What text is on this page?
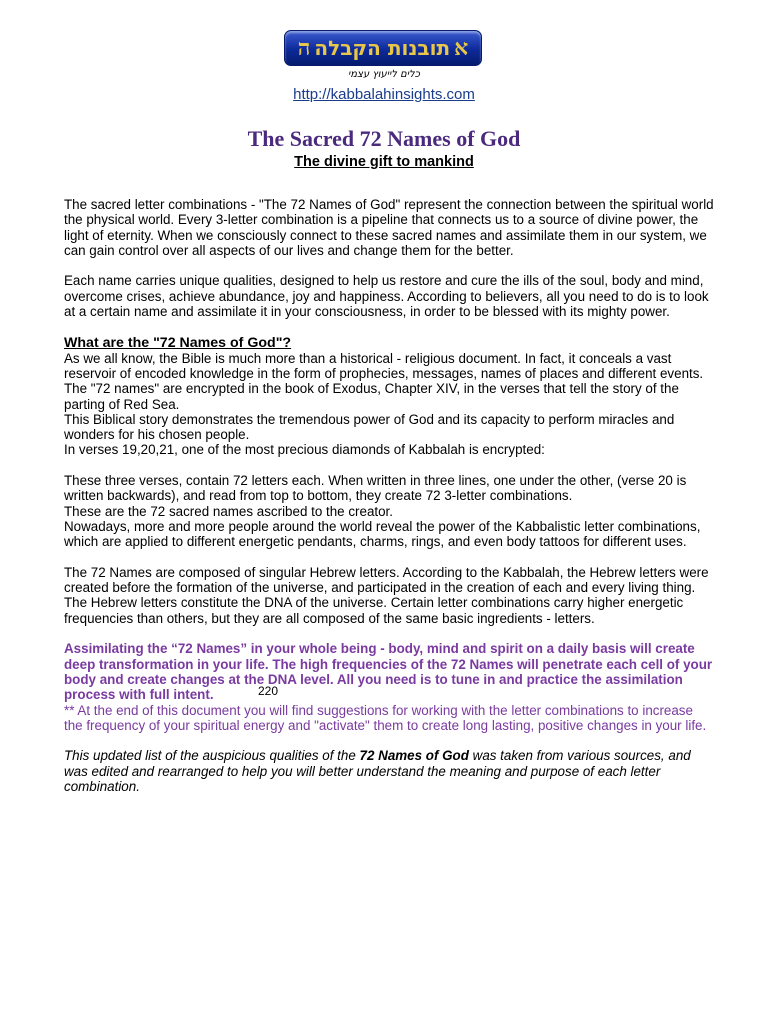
ה תובנות הקבלה א
כלים לייעוץ עצמי
http://kabbalahinsights.com
The Sacred 72 Names of God
The divine gift to mankind

The sacred letter combinations - "The 72 Names of God" represent the connection between the spiritual world the physical world. Every 3-letter combination is a pipeline that connects us to a source of divine power, the light of eternity. When we consciously connect to these sacred names and assimilate them in our system, we can gain control over all aspects of our lives and change them for the better.

Each name carries unique qualities, designed to help us restore and cure the ills of the soul, body and mind, overcome crises, achieve abundance, joy and happiness. According to believers, all you need to do is to look at a certain name and assimilate it in your consciousness, in order to be blessed with its mighty power.

What are the "72 Names of God"?

As we all know, the Bible is much more than a historical - religious document. In fact, it conceals a vast reservoir of encoded knowledge in the form of prophecies, messages, names of places and different events.

The "72 names" are encrypted in the book of Exodus, Chapter XIV, in the verses that tell the story of the parting of Red Sea.

This Biblical story demonstrates the tremendous power of God and its capacity to perform miracles and wonders for his chosen people.

In verses 19,20,21, one of the most precious diamonds of Kabbalah is encrypted:

These three verses, contain 72 letters each. When written in three lines, one under the other, (verse 20 is written backwards), and read from top to bottom, they create 72 3-letter combinations.

These are the 72 sacred names ascribed to the creator.

Nowadays, more and more people around the world reveal the power of the Kabbalistic letter combinations, which are applied to different energetic pendants, charms, rings, and even body tattoos for different uses.

The 72 Names are composed of singular Hebrew letters. According to the Kabbalah, the Hebrew letters were created before the formation of the universe, and participated in the creation of each and every living thing. The Hebrew letters constitute the DNA of the universe. Certain letter combinations carry higher energetic frequencies than others, but they are all composed of the same basic ingredients - letters.

Assimilating the “72 Names” in your whole being - body, mind and spirit on a daily basis will create deep transformation in your life. The high frequencies of the 72 Names will penetrate each cell of your body and create changes at the DNA level. All you need is to tune in and practice the assimilation process with full intent.

** At the end of this document you will find suggestions for working with the letter combinations to increase the frequency of your spiritual energy and "activate" them to create long lasting, positive changes in your life.

This updated list of the auspicious qualities of the 72 Names of God was taken from various sources, and was edited and rearranged to help you will better understand the meaning and purpose of each letter combination.

220
